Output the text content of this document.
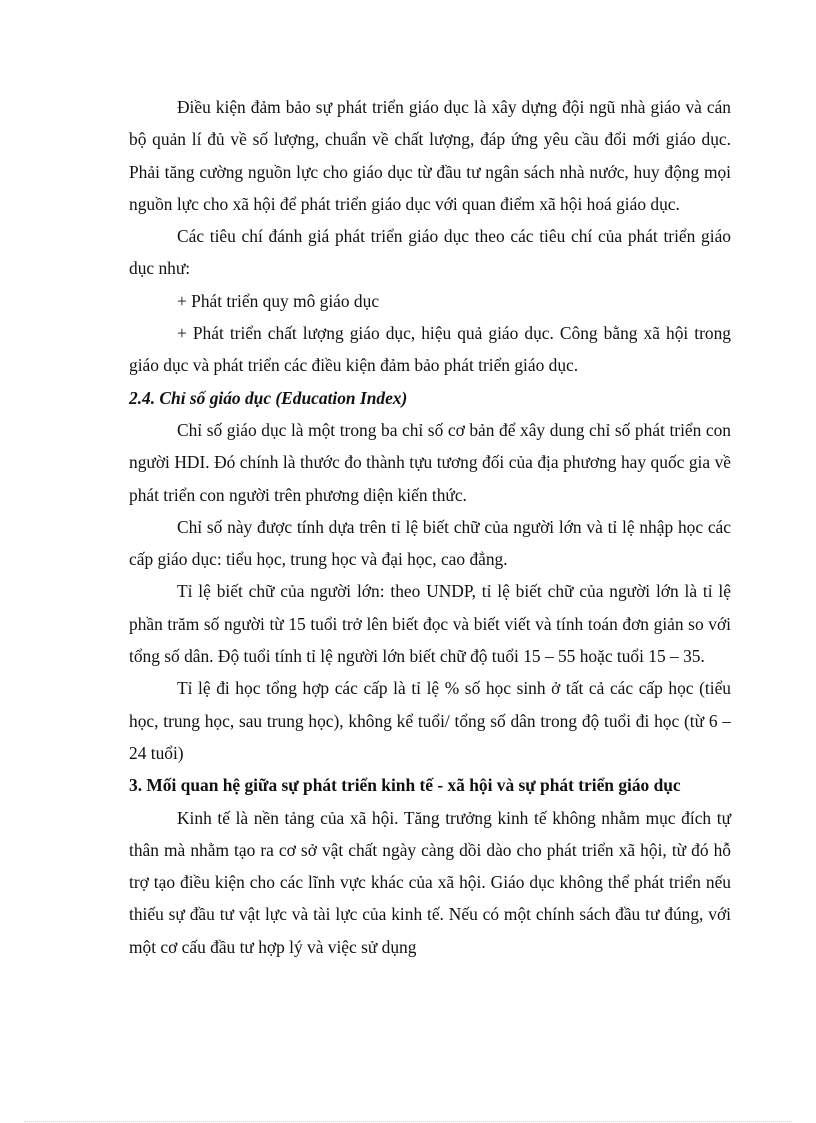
Điều kiện đảm bảo sự phát triển giáo dục là xây dựng đội ngũ nhà giáo và cán bộ quản lí đủ về số lượng, chuẩn về chất lượng, đáp ứng yêu cầu đổi mới giáo dục. Phải tăng cường nguồn lực cho giáo dục từ đầu tư ngân sách nhà nước, huy động mọi nguồn lực cho xã hội để phát triển giáo dục với quan điểm xã hội hoá giáo dục.

Các tiêu chí đánh giá phát triển giáo dục theo các tiêu chí của phát triển giáo dục như:

+ Phát triển quy mô giáo dục

+ Phát triển chất lượng giáo dục, hiệu quả giáo dục. Công bằng xã hội trong giáo dục và phát triển các điều kiện đảm bảo phát triển giáo dục.

2.4. Chỉ số giáo dục (Education Index)

Chỉ số giáo dục là một trong ba chỉ số cơ bản để xây dung chỉ số phát triển con người HDI. Đó chính là thước đo thành tựu tương đối của địa phương hay quốc gia về phát triển con người trên phương diện kiến thức.

Chỉ số này được tính dựa trên tỉ lệ biết chữ của người lớn và tỉ lệ nhập học các cấp giáo dục: tiểu học, trung học và đại học, cao đẳng.

Tỉ lệ biết chữ của người lớn: theo UNDP, tỉ lệ biết chữ của người lớn là tỉ lệ phần trăm số người từ 15 tuổi trở lên biết đọc và biết viết và tính toán đơn giản so với tổng số dân. Độ tuổi tính tỉ lệ người lớn biết chữ độ tuổi 15 – 55 hoặc tuổi 15 – 35.

Tỉ lệ đi học tổng hợp các cấp là tỉ lệ % số học sinh ở tất cả các cấp học (tiểu học, trung học, sau trung học), không kể tuổi/ tổng số dân trong độ tuổi đi học (từ 6 – 24 tuổi)

3. Mối quan hệ giữa sự phát triển kinh tế - xã hội và sự phát triển giáo dục

Kinh tế là nền tảng của xã hội. Tăng trưởng kinh tế không nhằm mục đích tự thân mà nhằm tạo ra cơ sở vật chất ngày càng dồi dào cho phát triển xã hội, từ đó hỗ trợ tạo điều kiện cho các lĩnh vực khác của xã hội. Giáo dục không thể phát triển nếu thiếu sự đầu tư vật lực và tài lực của kinh tế. Nếu có một chính sách đầu tư đúng, với một cơ cấu đầu tư hợp lý và việc sử dụng
